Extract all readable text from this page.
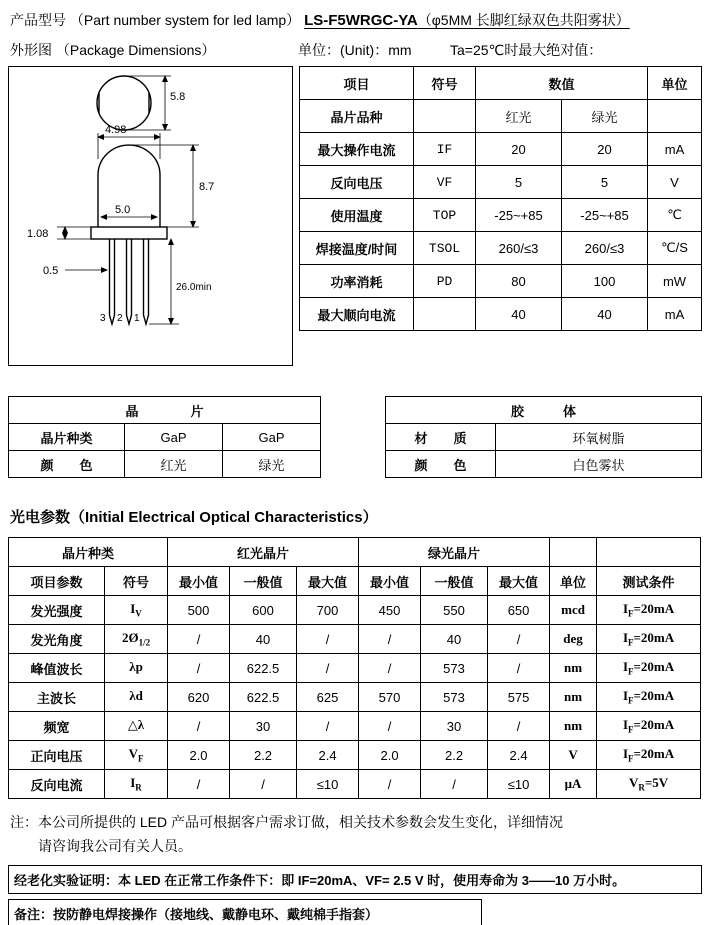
产品型号 （Part number system for led lamp） LS-F5WRGC-YA（φ5MM 长脚红绿双色共阳雾状）
外形图 （Package Dimensions）	单位：(Unit)：mm	Ta=25℃时最大绝对值：
5.8
4.98
8.7
5.0
1.08
0.5
26.0min
3 2 1
项目	符号	数值		单位
晶片品种		红光	绿光	
最大操作电流	IF	20	20	mA
反向电压	VF	5	5	V
使用温度	TOP	-25~+85	-25~+85	℃
焊接温度/时间	TSOL	260/≤3	260/≤3	℃/S
功率消耗	PD	80	100	mW
最大顺向电流		40	40	mA
晶　　　　片		
晶片种类	GaP	GaP
颜　　色	红光	绿光
胶　　　体	
材　　质	环氧树脂
颜　　色	白色雾状
光电参数（Initial Electrical Optical Characteristics）
晶片种类		红光晶片			绿光晶片				
项目参数	符号	最小值	一般值	最大值	最小值	一般值	最大值	单位	测试条件
发光强度	$I_V$	500	600	700	450	550	650	mcd	$I_F=20mA$
发光角度	$2Ø_{1/2}$	/	40	/	/	40	/	deg	$I_F=20mA$
峰值波长	λp	/	622.5	/	/	573	/	nm	$I_F=20mA$
主波长	λd	620	622.5	625	570	573	575	nm	$I_F=20mA$
频宽	△λ	/	30	/	/	30	/	nm	$I_F=20mA$
正向电压	$V_F$	2.0	2.2	2.4	2.0	2.2	2.4	V	$I_F=20mA$
反向电流	$I_R$	/	/	≤10	/	/	≤10	μA	$V_R=5V$
注：本公司所提供的 LED 产品可根据客户需求订做，相关技术参数会发生变化，详细情况
请咨询我公司有关人员。
经老化实验证明：本 LED 在正常工作条件下：即 IF=20mA、VF= 2.5 V 时，使用寿命为 3——10 万小时。
备注：按防静电焊接操作（接地线、戴静电环、戴纯棉手指套）
